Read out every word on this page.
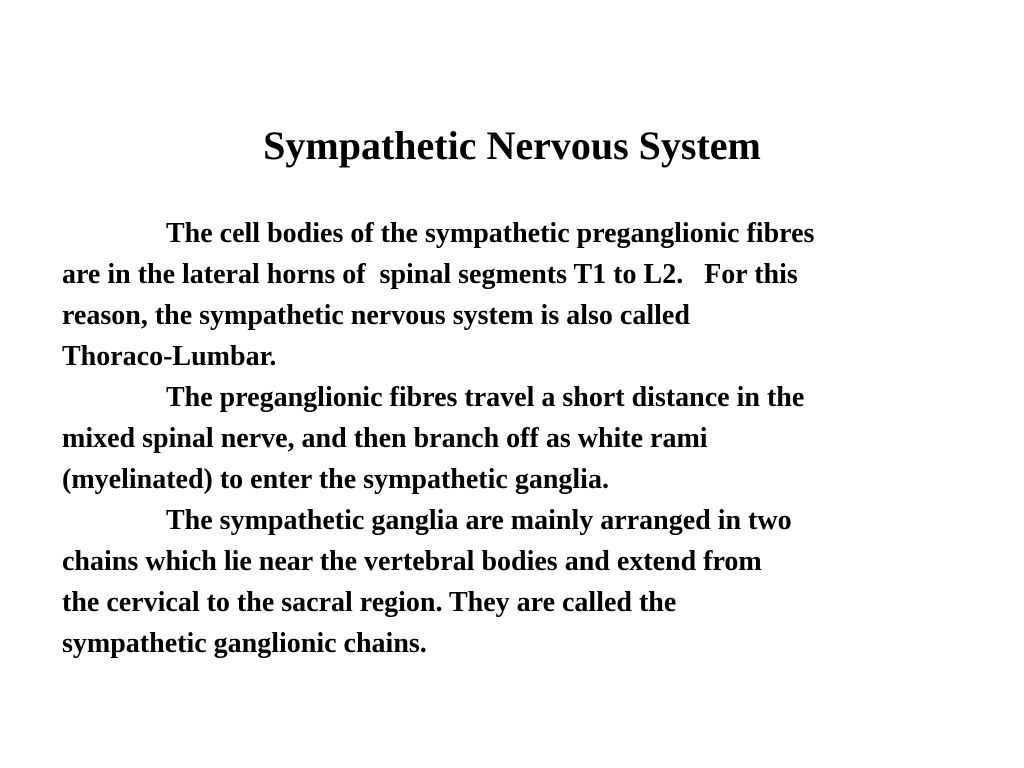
Sympathetic Nervous System

The cell bodies of the sympathetic preganglionic fibres
are in the lateral horns of  spinal segments T1 to L2.   For this
reason, the sympathetic nervous system is also called
Thoraco-Lumbar.

The preganglionic fibres travel a short distance in the
mixed spinal nerve, and then branch off as white rami
(myelinated) to enter the sympathetic ganglia.

The sympathetic ganglia are mainly arranged in two
chains which lie near the vertebral bodies and extend from
the cervical to the sacral region. They are called the
sympathetic ganglionic chains.
